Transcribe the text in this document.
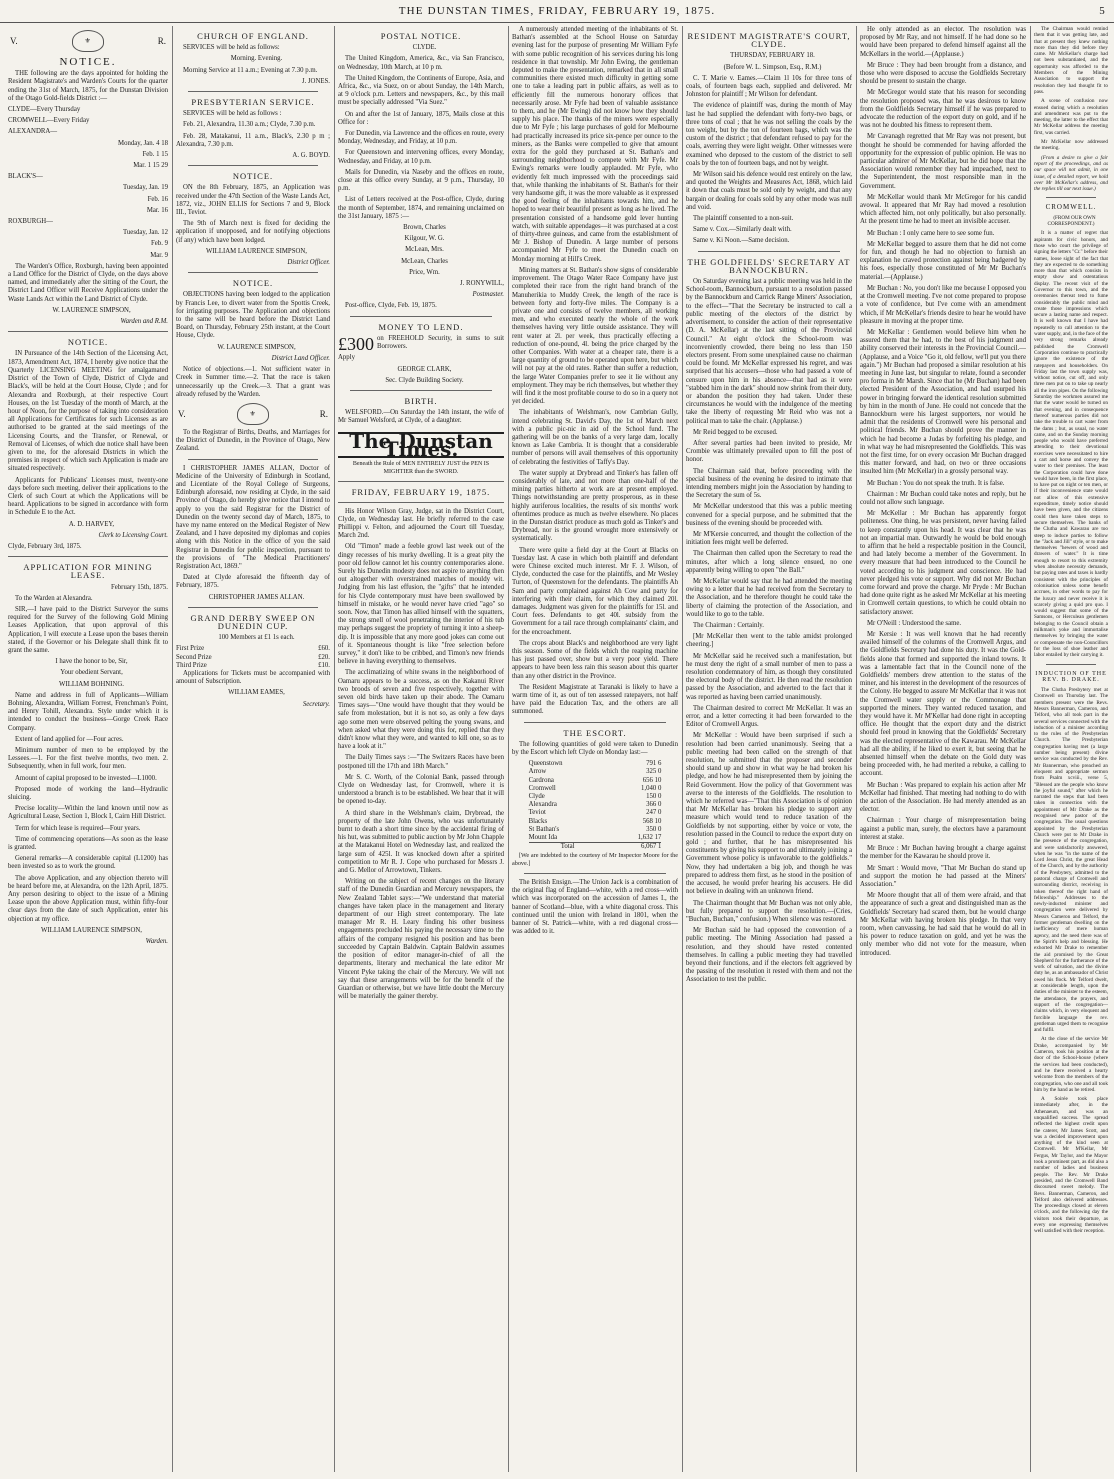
THE DUNSTAN TIMES, FRIDAY, FEBRUARY 19, 1875.	5
V.	⚜	R.
NOTICE.

THE following are the days appointed for holding the Resident Magistrate's and Warden's Courts for the quarter ending the 31st of March, 1875, for the Dunstan Division of the Otago Gold-fields District :—

CLYDE—Every Thursday

CROMWELL—Every Friday

ALEXANDRA—

Monday, Jan. 4 18

Feb. 1 15

Mar. 1 15 29

BLACK'S—

Tuesday, Jan. 19

Feb. 16

Mar. 16

ROXBURGH—

Tuesday, Jan. 12

Feb. 9

Mar. 9

The Warden's Office, Roxburgh, having been appointed a Land Office for the District of Clyde, on the days above named, and immediately after the sitting of the Court, the District Land Officer will Receive Applications under the Waste Lands Act within the Land District of Clyde.

W. LAURENCE SIMPSON,

Warden and R.M.

NOTICE.

IN Pursuance of the 14th Section of the Licensing Act, 1873, Amendment Act, 1874, I hereby give notice that the Quarterly LICENSING MEETING for amalgamated District of the Town of Clyde, District of Clyde and Black's, will be held at the Court House, Clyde ; and for Alexandra and Roxburgh, at their respective Court Houses, on the 1st Tuesday of the month of March, at the hour of Noon, for the purpose of taking into consideration all Applications for Certificates for such Licenses as are authorised to be granted at the said meetings of the Licensing Courts, and the Transfer, or Renewal, or Removal of Licenses, of which due notice shall have been given to me, for the aforesaid Districts in which the premises in respect of which such Application is made are situated respectively.

Applicants for Publicans' Licenses must, twenty-one days before such meeting, deliver their applications to the Clerk of such Court at which the Applications will be heard. Applications to be signed in accordance with form in Schedule E to the Act.

A. D. HARVEY,

Clerk to Licensing Court.

Clyde, February 3rd, 1875.

APPLICATION FOR MINING LEASE.

February 15th, 1875.

To the Warden at Alexandra.

SIR,—I have paid to the District Surveyor the sums required for the Survey of the following Gold Mining Leases Application, that upon approval of this Application, I will execute a Lease upon the bases therein stated, if the Governor or his Delegate shall think fit to grant the same.

I have the honor to be, Sir,

Your obedient Servant,

WILLIAM BOHNING.

Name and address in full of Applicants—William Bohning, Alexandra, William Forrest, Frenchman's Point, and Henry Tohill, Alexandra. Style under which it is intended to conduct the business—Gorge Creek Race Company.

Extent of land applied for —Four acres.

Minimum number of men to be employed by the Lessees.—1. For the first twelve months, two men. 2. Subsequently, when in full work, four men.

Amount of capital proposed to be invested—L1000.

Proposed mode of working the land—Hydraulic sluicing.

Precise locality—Within the land known until now as Agricultural Lease, Section 1, Block I, Cairn Hill District.

Term for which lease is required—Four years.

Time of commencing operations—As soon as the lease is granted.

General remarks—A considerable capital (L1200) has been invested so as to work the ground.

The above Application, and any objection thereto will be heard before me, at Alexandra, on the 12th April, 1875. Any person desiring to object to the issue of a Mining Lease upon the above Application must, within fifty-four clear days from the date of such Application, enter his objection at my office.

WILLIAM LAURENCE SIMPSON,

Warden.

CHURCH OF ENGLAND.

SERVICES will be held as follows:

Morning. Evening.

Morning Service at 11 a.m.; Evening at 7.30 p.m.

J. JONES.

PRESBYTERIAN SERVICE.

SERVICES will be held as follows :

Feb. 21, Alexandra, 11.30 a.m.; Clyde, 7.30 p.m.

Feb. 28, Matakanui, 11 a.m., Black's, 2.30 p m ; Alexandra, 7.30 p.m.

A. G. BOYD.

NOTICE.

ON the 8th February, 1875, an Application was received under the 47th Section of the Waste Lands Act, 1872, viz., JOHN ELLIS for Sections 7 and 9, Block III., Teviot.

The 9th of March next is fixed for deciding the application if unopposed, and for notifying objections (if any) which have been lodged.

WILLIAM LAURENCE SIMPSON,

District Officer.

NOTICE.

OBJECTIONS having been lodged to the application by Francis Lee, to divert water from the Spottis Creek, for irrigating purposes. The Application and objections to the same will be heard before the District Land Board, on Thursday, February 25th instant, at the Court House, Clyde.

W. LAURENCE SIMPSON,

District Land Officer.

Notice of objections.—1. Not sufficient water in Creek in Summer time.—2. That the race is taken unnecessarily up the Creek.—3. That a grant was already refused by the Warden.

V.	⚜	R.

To the Registrar of Births, Deaths, and Marriages for the District of Dunedin, in the Province of Otago, New Zealand.

I CHRISTOPHER JAMES ALLAN, Doctor of Medicine of the University of Edinburgh in Scotland, and Licentiate of the Royal College of Surgeons, Edinburgh aforesaid, now residing at Clyde, in the said Province of Otago, do hereby give notice that I intend to apply to you the said Registrar for the District of Dunedin on the twenty second day of March, 1875, to have my name entered on the Medical Register of New Zealand, and I have deposited my diplomas and copies along with this Notice in the office of you the said Registrar in Dunedin for public inspection, pursuant to the provisions of "The Medical Practitioners' Registration Act, 1869."

Dated at Clyde aforesaid the fifteenth day of February, 1875.

CHRISTOPHER JAMES ALLAN.

GRAND DERBY SWEEP ON DUNEDIN CUP.

100 Members at £1 1s each.

First Prize	£60.
Second Prize	£20.
Third Prize	£10.

Applications for Tickets must be accompanied with amount of Subscription.

WILLIAM EAMES,

Secretary.

POSTAL NOTICE.

CLYDE.

The United Kingdom, America, &c., via San Francisco, on Wednesday, 10th March, at 10 p m.

The United Kingdom, the Continents of Europe, Asia, and Africa, &c., via Suez, on or about Sunday, the 14th March, at 9 o'clock p.m. Letters and newspapers, &c., by this mail must be specially addressed "Via Suez."

On and after the 1st of January, 1875, Mails close at this Office for :

For Dunedin, via Lawrence and the offices en route, every Monday, Wednesday, and Friday, at 10 p.m.

For Queenstown and intervening offices, every Monday, Wednesday, and Friday, at 10 p.m.

Mails for Dunedin, via Naseby and the offices en route, close at this office every Sunday, at 9 p.m., Thursday, 10 p.m.

List of Letters received at the Post-office, Clyde, during the month of September, 1874, and remaining unclaimed on the 31st January, 1875 :—

Brown, Charles

Kilgour, W. G.

McLean, Mrs.

McLean, Charles

Price, Wm.

J. RONYWILL,

Postmaster.

Post-office, Clyde, Feb. 19, 1875.

MONEY TO LEND.

£300 on FREEHOLD Security, in sums to suit Borrowers.

Apply

GEORGE CLARK,

Sec. Clyde Building Society.

BIRTH.

WELSFORD.—On Saturday the 14th instant, the wife of Mr Samuel Welsford, at Clyde, of a daughter.

The Dunstan Times.
Beneath the Rule of MEN ENTIRELY JUST the PEN IS MIGHTIER than the SWORD.
FRIDAY, FEBRUARY 19, 1875.

His Honor Wilson Gray, Judge, sat in the District Court, Clyde, on Wednesday last. He briefly referred to the case Phillippi v. Felton, and adjourned the Court till Tuesday, March 2nd.

Old "Timon" made a feeble growl last week out of the dingy recesses of his murky dwelling. It is a great pity the poor old fellow cannot let his country contemporaries alone. Surely his Dunedin modesty does not aspire to anything then out altogether with overstrained matches of mouldy wit. Judging from his last effusion, the "gifts" that he intended for his Clyde contemporary must have been swallowed by himself in mistake, or he would never have cried "ago" so soon. Now, that Timon has allied himself with the squatters, the strong smell of wool penetrating the interior of his tub may perhaps suggest the propriety of turning it into a sheep-dip. It is impossible that any more good jokes can come out of it. Spontaneous thought is like "free selection before survey," it don't like to be cribbed, and Timon's new friends believe in having everything to themselves.

The acclimatizing of white swans in the neighborhood of Oamaru appears to be a success, as on the Kakanui River two broods of seven and five respectively, together with seven old birds have taken up their abode. The Oamaru Times says—"One would have thought that they would be safe from molestation, but it is not so, as only a few days ago some men were observed pelting the young swans, and when asked what they were doing this for, replied that they didn't know what they were, and wanted to kill one, so as to have a look at it."

The Daily Times says :—"The Switzers Races have been postponed till the 17th and 18th March."

Mr S. C. Worth, of the Colonial Bank, passed through Clyde on Wednesday last, for Cromwell, where it is understood a branch is to be established. We hear that it will be opened to-day.

A third share in the Welshman's claim, Drybread, the property of the late John Owens, who was unfortunately burnt to death a short time since by the accidental firing of his hut, was submitted to public auction by Mr John Chapple at the Matakanui Hotel on Wednesday last, and realized the large sum of 425l. It was knocked down after a spirited competition to Mr R. J. Cope who purchased for Messrs J. and G. Mellor of Arrowtown, Tinkers.

Writing on the subject of recent changes on the literary staff of the Dunedin Guardian and Mercury newspapers, the New Zealand Tablet says:—"We understand that material changes have taken place in the management and literary department of our High street contemporary. The late manager Mr R. H. Leary finding his other business engagements precluded his paying the necessary time to the affairs of the company resigned his position and has been succeeded by Captain Baldwin. Captain Baldwin assumes the position of editor manager-in-chief of all the departments, literary and mechanical the late editor Mr Vincent Pyke taking the chair of the Mercury. We will not say that these arrangements will be for the benefit of the Guardian or otherwise, but we have little doubt the Mercury will be materially the gainer thereby.

A numerously attended meeting of the inhabitants of St. Bathan's assembled at the School House on Saturday evening last for the purpose of presenting Mr William Fyfe with some public recognition of his services during his long residence in that township. Mr John Ewing, the gentleman deputed to make the presentation, remarked that in all small communities there existed much difficulty in getting some one to take a leading part in public affairs, as well as to efficiently fill the numerous honorary offices that necessarily arose. Mr Fyfe had been of valuable assistance to them, and he (Mr Ewing) did not know how they should supply his place. The thanks of the miners were especially due to Mr Fyfe ; his large purchases of gold for Melbourne had practically increased its price six-pence per ounce to the miners, as the Banks were compelled to give that amount extra for the gold they purchased at St. Bathan's and surrounding neighborhood to compete with Mr Fyfe. Mr Ewing's remarks were loudly applauded. Mr Fyfe, who evidently felt much impressed with the proceedings said that, while thanking the inhabitants of St. Bathan's for their very handsome gift, it was the more valuable as it expressed the good feeling of the inhabitants towards him, and he hoped to wear their beautiful present as long as he lived. The presentation consisted of a handsome gold lever hunting watch, with suitable appendages—it was purchased at a cost of thirty-three guineas, and came from the establishment of Mr J. Bishop of Dunedin. A large number of persons accompanied Mr Fyfe to meet the Dunedin coach on Monday morning at Hill's Creek.

Mining matters at St. Bathan's show signs of considerable improvement. The Otago Water Race Company have just completed their race from the right hand branch of the Manuherikia to Muddy Creek, the length of the race is between forty and forty-five miles. The Company is a private one and consists of twelve members, all working men, and who executed nearly the whole of the work themselves having very little outside assistance. They will rent water at 2l. per week, thus practically effecting a reduction of one-pound, 4l. being the price charged by the other Companies. With water at a cheaper rate, there is a large quantity of ground to be operated upon here, but which will not pay at the old rates. Rather than suffer a reduction, the large Water Companies prefer to see it lie without any employment. They may be rich themselves, but whether they will find it the most profitable course to do so in a query not yet decided.

The inhabitants of Welshman's, now Cambrian Gully, intend celebrating St. David's Day, the 1st of March next with a public pic-nic in aid of the School fund. The gathering will be on the banks of a very large dam, locally known as Lake Cambria. It is thought that a considerable number of persons will avail themselves of this opportunity of celebrating the festivities of Taffy's Day.

The water supply at Drybread and Tinker's has fallen off considerably of late, and not more than one-half of the mining parties hitherto at work are at present employed. Things notwithstanding are pretty prosperous, as in these highly auriferous localities, the results of six months' work oftentimes produce as much as twelve elsewhere. No places in the Dunstan district produce as much gold as Tinker's and Drybread, nor is the ground wrought more extensively or systematically.

There were quite a field day at the Court at Blacks on Tuesday last. A case in which both plaintiff and defendant were Chinese excited much interest. Mr F. J. Wilson, of Clyde, conducted the case for the plaintiffs, and Mr Wesley Turton, of Queenstown for the defendants. The plaintiffs Ah Sam and party complained against Ah Cow and party for interfering with their claim, for which they claimed 20l. damages. Judgment was given for the plaintiffs for 15l. and Court fees. Defendants to get 40l. subsidy from the Government for a tail race through complainants' claim, and for the encroachment.

The crops about Black's and neighborhood are very light this season. Some of the fields which the reaping machine has just passed over, show but a very poor yield. There appears to have been less rain this season about this quarter than any other district in the Province.

The Resident Magistrate at Taranaki is likely to have a warm time of it, as out of ten assessed ratepayers, not half have paid the Education Tax, and the others are all summoned.

THE ESCORT.

The following quantities of gold were taken to Dunedin by the Escort which left Clyde on Monday last:—

Queenstown	791 6
Arrow	325 0
Cardrona	656 10
Cromwell	1,040 0
Clyde	150 0
Alexandra	366 0
Teviot	247 0
Blacks	568 10
St Bathan's	350 0
Mount Ida	1,632 17
Total	6,067 1

[We are indebted to the courtesy of Mr Inspector Moore for the above.]

The British Ensign.—The Union Jack is a combination of the original flag of England—white, with a red cross—with which was incorporated on the accession of James I., the banner of Scotland—blue, with a white diagonal cross. This continued until the union with Ireland in 1801, when the banner of St. Patrick—white, with a red diagonal cross—was added to it.

RESIDENT MAGISTRATE'S COURT, CLYDE.

THURSDAY, FEBRUARY 18.

(Before W. L. Simpson, Esq., R.M.)

C. T. Marie v. Eames.—Claim 1l 10s for three tons of coals, of fourteen bags each, supplied and delivered. Mr Johnston for plaintiff ; Mr Wilson for defendant.

The evidence of plaintiff was, during the month of May last he had supplied the defendant with forty-two bags, or three tons of coal ; that he was not selling the coals by the ton weight, but by the ton of fourteen bags, which was the custom of the district ; that defendant refused to pay for the coals, averring they were light weight. Other witnesses were examined who deposed to the custom of the district to sell coals by the ton of fourteen bags, and not by weight.

Mr Wilson said his defence would rest entirely on the law, and quoted the Weights and Measures Act, 1868, which laid it down that coals must be sold only by weight, and that any bargain or dealing for coals sold by any other mode was null and void.

The plaintiff consented to a non-suit.

Same v. Cox.—Similarly dealt with.

Same v. Ki Noon.—Same decision.

THE GOLDFIELDS' SECRETARY AT BANNOCKBURN.

On Saturday evening last a public meeting was held in the School-room, Bannockburn, pursuant to a resolution passed by the Bannockburn and Carrick Range Miners' Association, to the effect—"That the Secretary be instructed to call a public meeting of the electors of the district by advertisement, to consider the action of their representative (D. A. McKellar) at the last sitting of the Provincial Council." At eight o'clock the School-room was inconveniently crowded, there being no less than 150 electors present. From some unexplained cause no chairman could be found. Mr McKellar expressed his regret, and was surprised that his accusers—those who had passed a vote of censure upon him in his absence—that had as it were "stabbed him in the dark" should now shrink from their duty, or abandon the position they had taken. Under these circumstances he would with the indulgence of the meeting take the liberty of requesting Mr Reid who was not a political man to take the chair. (Applause.)

Mr Reid begged to be excused.

After several parties had been invited to preside, Mr Crombie was ultimately prevailed upon to fill the post of honor.

The Chairman said that, before proceeding with the special business of the evening he desired to intimate that intending members might join the Association by handing to the Secretary the sum of 5s.

Mr McKellar understood that this was a public meeting convened for a special purpose, and he submitted that the business of the evening should be proceeded with.

Mr M'Kersie concurred, and thought the collection of the initiation fees might well be deferred.

The Chairman then called upon the Secretary to read the minutes, after which a long silence ensued, no one apparently being willing to open "the Ball."

Mr McKellar would say that he had attended the meeting owing to a letter that he had received from the Secretary to the Association, and he therefore thought he could take the liberty of claiming the protection of the Association, and would like to go to the table.

The Chairman : Certainly.

[Mr McKellar then went to the table amidst prolonged cheering.]

Mr McKellar said he received such a manifestation, but he must deny the right of a small number of men to pass a resolution condemnatory of him, as though they constituted the electoral body of the district. He then read the resolution passed by the Association, and adverted to the fact that it was reported as having been carried unanimously.

The Chairman desired to correct Mr McKellar. It was an error, and a letter correcting it had been forwarded to the Editor of Cromwell Argus.

Mr McKellar : Would have been surprised if such a resolution had been carried unanimously. Seeing that a public meeting had been called on the strength of that resolution, he submitted that the proposer and seconder should stand up and show in what way he had broken his pledge, and how he had misrepresented them by joining the Reid Government. How the policy of that Government was averse to the interests of the Goldfields. The resolution to which he referred was—"That this Association is of opinion that Mr McKellar has broken his pledge to support any measure which would tend to reduce taxation of the Goldfields by not supporting, either by voice or vote, the resolution passed in the Council to reduce the export duty on gold ; and further, that he has misrepresented his constituents by giving his support to and ultimately joining a Government whose policy is unfavorable to the goldfields." Now, they had undertaken a big job, and though he was prepared to address them first, as he stood in the position of the accused, he would prefer hearing his accusers. He did not believe in dealing with an unknown friend.

The Chairman thought that Mr Buchan was not only able, but fully prepared to support the resolution.—(Cries, "Buchan, Buchan," confusion.) When silence was restored.

Mr Buchan said he had opposed the convention of a public meeting. The Mining Association had passed a resolution, and they should have rested contented themselves. In calling a public meeting they had travelled beyond their functions, and if the electors felt aggrieved by the passing of the resolution it rested with them and not the Association to test the public.

He only attended as an elector. The resolution was proposed by Mr Ray, and not himself. If he had done so he would have been prepared to defend himself against all the McKellars in the world.—(Applause.)

Mr Bruce : They had been brought from a distance, and those who were disposed to accuse the Goldfields Secretary should be present to sustain the charge.

Mr McGregor would state that his reason for seconding the resolution proposed was, that he was desirous to know from the Goldfields Secretary himself if he was prepared to advocate the reduction of the export duty on gold, and if he was not he doubted his fitness to represent them.

Mr Cavanagh regretted that Mr Ray was not present, but thought he should be commended for having afforded the opportunity for the expression of public opinion. He was no particular admirer of Mr McKellar, but he did hope that the Association would remember they had impeached, next to the Superintendent, the most responsible man in the Government.

Mr McKellar would thank Mr McGregor for his candid avowal. It appeared that Mr Ray had moved a resolution which affected him, not only politically, but also personally. At the present time he had to meet an invisible accuser.

Mr Buchan : I only came here to see some fun.

Mr McKellar begged to assure them that he did not come for fun, and though he had no objection to furnish an explanation he craved protection against being badgered by his foes, especially those constituted of Mr Mr Buchan's material.—(Applause.)

Mr Buchan : No, you don't like me because I opposed you at the Cromwell meeting. I've not come prepared to propose a vote of confidence, but I've come with an amendment which, if Mr McKellar's friends desire to hear he would have pleasure in moving at the proper time.

Mr McKellar : Gentlemen would believe him when he assured them that he had, to the best of his judgment and ability conserved their interests in the Provincial Council.—(Applause, and a Voice "Go it, old fellow, we'll put you there again.") Mr Buchan had proposed a similar resolution at his meeting in June last, but singular to relate, found a seconder pro forma in Mr Marsh. Since that he (Mr Buchan) had been elected President of the Association, and had usurped his power in bringing forward the identical resolution submitted by him in the month of June. He could not concede that the Bannockburn were his largest supporters, nor would he admit that the residents of Cromwell were his personal and political friends. Mr Buchan should prove the manner in which he had become a Judas by forfeiting his pledge, and in what way he had misrepresented the Goldfields. This was not the first time, for on every occasion Mr Buchan dragged this matter forward, and had, on two or three occasions insulted him (Mr McKellar) in a grossly personal way.

Mr Buchan : You do not speak the truth. It is false.

Chairman : Mr Buchan could take notes and reply, but he could not allow such language.

Mr McKellar : Mr Buchan has apparently forgot politeness. One thing, he was persistent, never having failed to keep constantly upon his head. It was clear that he was not an impartial man. Outwardly he would be bold enough to affirm that he held a respectable position in the Council, and had lately become a member of the Government. In every measure that had been introduced to the Council he voted according to his judgment and conscience. He had never pledged his vote or support. Why did not Mr Buchan come forward and prove the charge. Mr Pryde : Mr Buchan had done quite right as he asked Mr McKellar at his meeting in Cromwell certain questions, to which he could obtain no satisfactory answer.

Mr O'Neill : Understood the same.

Mr Kersie : It was well known that he had recently availed himself of the columns of the Cromwell Argus, and the Goldfields Secretary had done his duty. It was the Gold-fields alone that formed and supported the inland towns. It was a lamentable fact that in the Council none of the Goldfields' members drew attention to the status of the miner, and his interest in the development of the resources of the Colony. He begged to assure Mr McKellar that it was not the Cromwell water supply or the Commonage that supported the miners. They wanted reduced taxation, and they would have it. Mr M'Kellar had done right in accepting office. He thought that the export duty and the district should feel proud in knowing that the Goldfields' Secretary was the elected representative of the Kawarau. Mr McKellar had all the ability, if he liked to exert it, but seeing that he absented himself when the debate on the Gold duty was being proceeded with, he had merited a rebuke, a calling to account.

Mr Buchan : Was prepared to explain his action after Mr McKellar had finished. That meeting had nothing to do with the action of the Association. He had merely attended as an elector.

Chairman : Your charge of misrepresentation being against a public man, surely, the electors have a paramount interest at stake.

Mr Bruce : Mr Buchan having brought a charge against the member for the Kawarau he should prove it.

Mr Smart : Would move, "That Mr Buchan do stand up and support the motion he had passed at the Miners' Association."

Mr Moore thought that all of them were afraid, and that the appearance of such a great and distinguished man as the Goldfields' Secretary had scared them, but he would charge Mr McKellar with having broken his pledge. In that very room, when canvassing, he had said that he would do all in his power to reduce taxation on gold, and yet he was the only member who did not vote for the measure, when introduced.

The Chairman would remind them that it was getting late, and that at present they knew nothing more than they did before they came. Mr McKellar's charge had not been substantiated, and the opportunity was afforded to the Members of the Mining Association to support the resolution they had thought fit to pass.

A scene of confusion now ensued during which a resolution and amendment was put to the meeting, the latter to the effect that Mr McKellar address the meeting first, was carried.

Mr McKellar now addressed the meeting.

(From a desire to give a fair report of the proceedings, and as our space will not admit, in one issue, of a detailed report, we hold over Mr McKellar's address, and the replies till our next issue.)

CROMWELL.

(FROM OUR OWN CORRESPONDENT.)

It is a matter of regret that aspirants for civic honors, and those who court the privilege of signing the letters "Cr." before their names, loose sight of the fact that they are expected to do something more than that which consists in empty show and ostentatious display. The recent visit of the Governor to this town, and the ceremonies thereat tend to fume considerably the public mind and create those impressions which secure a lasting name and respect. It is well known that I have had repeatedly to call attention to the water supply, and, in the face of the very strong remarks already published the Cromwell Corporation continue to practically ignore the existence of the ratepayers and householders. On Friday last the town supply was, without notice, cut off, and only three men put on to take up nearly all the iron pipes. On the following Saturday the workmen assured me that the water would be turned on that evening, and in consequence thereof numerous parties did not take the trouble to cart water from the dams ; but, as usual, no water came, and on the Sunday morning people who would have preferred attending to their devotional exercises were necessitated to hire a cart and horse and convey the water to their premises. The least the Corporation could have done would have been, in the first place, to have put on night or ten men, or if their inconvenience state would not allow of this extensive expenditure, timely notice should have been given, and the citizens could then have taken steps to secure themselves. The banks of the Clutha and Kawarau are too steep to induce parties to follow the "Jack and Jill" style, or to make themselves "hewers of wood and drawers of water." It is time enough to resort to this extremity when absolute necessity demands, but paying rates and taxes is hardly consistent with the principles of colonisation unless some benefit accrues, in other words to pay for the luxury and never receive it is scarcely giving a quid pro quo. I would suggest that some of the Samsons, or Herculean gentlemen belonging to the Council obtain a milkman's yoke and immortalise themselves by bringing the water or compensate the non-Councillors for the loss of shoe leather and labor entailed by their carrying it.

INDUCTION OF THE REV. B. DRAKE.

The Clutha Presbytery met at Cromwell on Thursday last. The members present were the Revs. Messrs Bannerman, Cameron, and Telford, who all took part in the several services connected with the induction of a minister according to the rules of the Presbyterian Church. The Presbyterian congregation having met (a large number being present) divine service was conducted by the Rev. Mr Bannerman, who preached an eloquent and appropriate sermon from Psalm xcviii., verse 5, "Blessed are the people who know the joyful sound," after which he narrated the steps that had been taken in connection with the appointment of Mr Drake as the recognised new pastor of the congregation. The usual questions appointed by the Presbyterian Church were put to Mr Drake in the presence of the congregation, and were satisfactorily answered, when he was "in the name of the Lord Jesus Christ, the great Head of the Church, and by the authority of the Presbytery, admitted to the pastoral charge of Cromwell and surrounding district, receiving in token thereof the right hand of fellowship." Addresses to the newly-inducted minister and congregation were delivered by Messrs Cameron and Telford, the former gentleman dwelling on the inefficiency of mere human agency, and the need there was of the Spirit's help and blessing. He exhorted Mr Drake to remember the aid promised by the Great Shepherd for the furtherance of the work of salvation, and the divine duty he, as an ambassador of Christ owed his flock. Mr Telford dwelt, at considerable length, upon the duties of the minister to the esteem, the attendance, the prayers, and support of the congregation—claims which, in very eloquent and forcible language the rev. gentleman urged them to recognise and fulfil.

At the close of the service Mr Drake, accompanied by Mr Cameron, took his position at the door of the School-house (where the services had been conducted), and he there received a hearty welcome from the members of the congregation, who one and all took him by the hand as he retired.

A Soirée took place immediately after, in the Athenaeum, and was an unqualified success. The spread reflected the highest credit upon the caterer, Mr James Scott, and was a decided improvement upon anything of the kind seen at Cromwell. Mr M'Kellar, Mr Fergus, Mr Taylor, and the Mayor took a prominent part, as did also a number of ladies and business people. The Rev. Mr Drake presided, and the Cromwell Band discoursed sweet melody. The Revs. Bannerman, Cameron, and Telford also delivered addresses. The proceedings closed at eleven o'clock, and the following day the visitors took their departure, as every one expressing themselves well satisfied with their reception.
